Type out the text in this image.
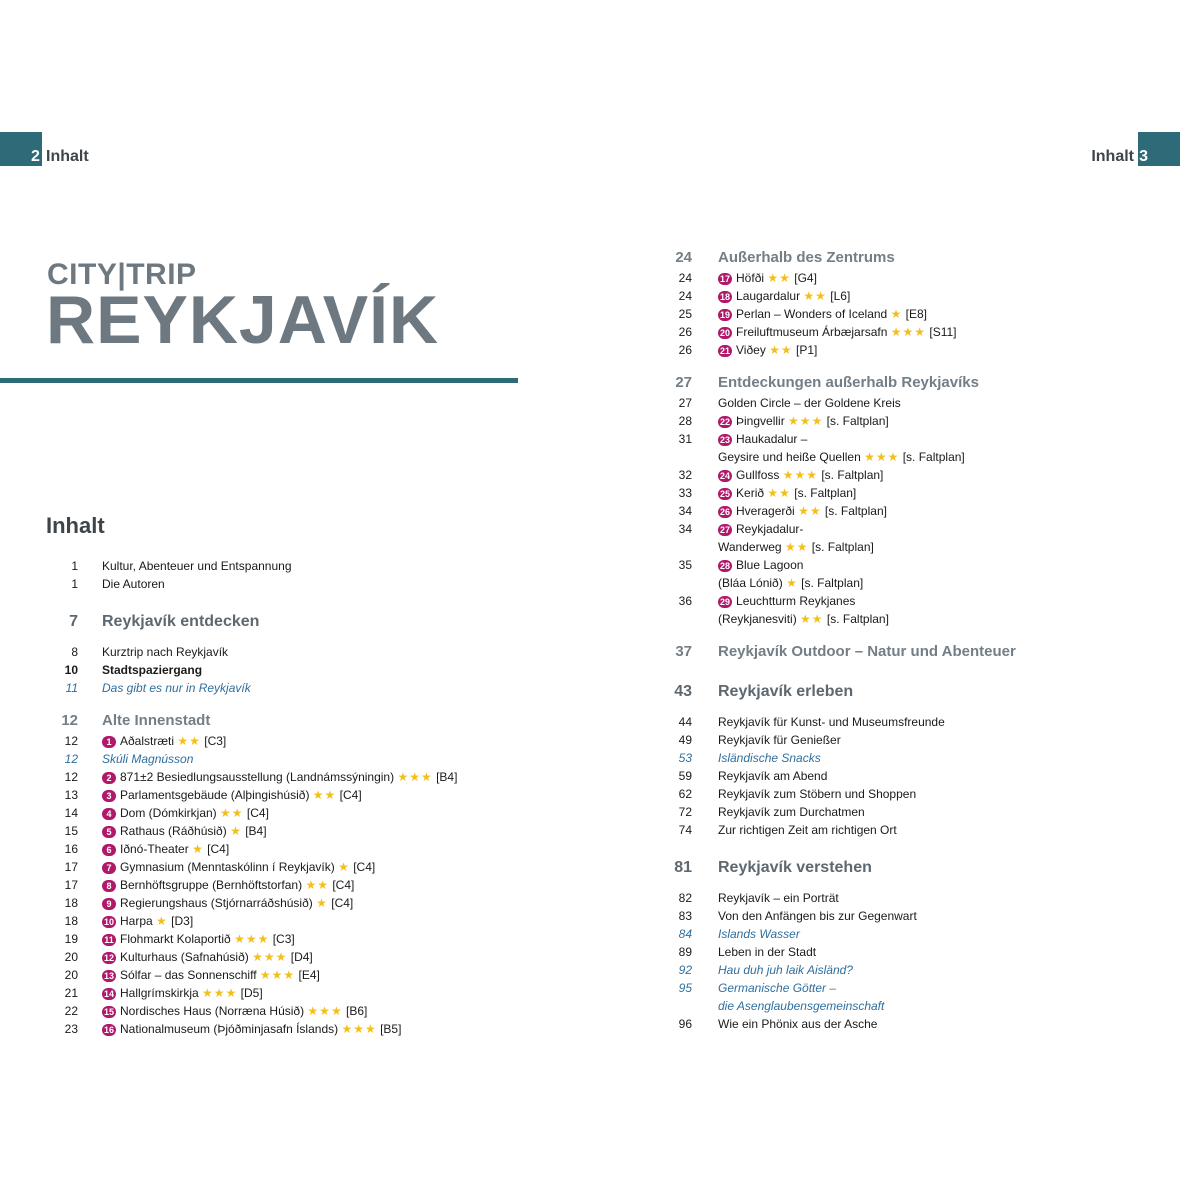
2 Inhalt	3
Inhalt
CITY|TRIP
REYKJAVÍK
Inhalt
1 Kultur, Abenteuer und Entspannung
1 Die Autoren
7 Reykjavík entdecken
8 Kurztrip nach Reykjavík
10 Stadtspaziergang
11 Das gibt es nur in Reykjavík
12 Alte Innenstadt
12	1 Aðalstræti ★★ [C3]
12 Skúli Magnússon
12	2 871±2 Besiedlungsausstellung (Landnámssýningin) ★★★ [B4]
13	3 Parlamentsgebäude (Alþingishúsið) ★★ [C4]
14	4 Dom (Dómkirkjan) ★★ [C4]
15	5 Rathaus (Ráðhúsið) ★ [B4]
16	6 Iðnó-Theater ★ [C4]
17	7 Gymnasium (Menntaskólinn í Reykjavík) ★ [C4]
17	8 Bernhöftsgruppe (Bernhöftstorfan) ★★ [C4]
18	9 Regierungshaus (Stjórnarráðshúsið) ★ [C4]
18	10 Harpa ★ [D3]
19	11 Flohmarkt Kolaportið ★★★ [C3]
20	12 Kulturhaus (Safnahúsið) ★★★ [D4]
20	13 Sólfar – das Sonnenschiff ★★★ [E4]
21	14 Hallgrímskirkja ★★★ [D5]
22	15 Nordisches Haus (Norræna Húsið) ★★★ [B6]
23	16 Nationalmuseum (Þjóðminjasafn Íslands) ★★★ [B5]
24 Außerhalb des Zentrums
24	17 Höfði ★★ [G4]
24	18 Laugardalur ★★ [L6]
25	19 Perlan – Wonders of Iceland ★ [E8]
26	20 Freiluftmuseum Árbæjarsafn ★★★ [S11]
26	21 Viðey ★★ [P1]
27 Entdeckungen außerhalb Reykjavíks
27 Golden Circle – der Goldene Kreis
28	22 Þingvellir ★★★ [s. Faltplan]
31	23 Haukadalur –
Geysire und heiße Quellen ★★★ [s. Faltplan]
32	24 Gullfoss ★★★ [s. Faltplan]
33	25 Kerið ★★ [s. Faltplan]
34	26 Hveragerði ★★ [s. Faltplan]
34	27 Reykjadalur-
Wanderweg ★★ [s. Faltplan]
35	28 Blue Lagoon
(Bláa Lónið) ★ [s. Faltplan]
36	29 Leuchtturm Reykjanes
(Reykjanesviti) ★★ [s. Faltplan]
37 Reykjavík Outdoor – Natur und Abenteuer
43 Reykjavík erleben
44 Reykjavík für Kunst- und Museumsfreunde
49 Reykjavík für Genießer
53 Isländische Snacks
59 Reykjavík am Abend
62 Reykjavík zum Stöbern und Shoppen
72 Reykjavík zum Durchatmen
74 Zur richtigen Zeit am richtigen Ort
81 Reykjavík verstehen
82 Reykjavík – ein Porträt
83 Von den Anfängen bis zur Gegenwart
84 Islands Wasser
89 Leben in der Stadt
92 Hau duh juh laik Aisländ?
95 Germanische Götter –
die Asenglaubensgemeinschaft
96 Wie ein Phönix aus der Asche
